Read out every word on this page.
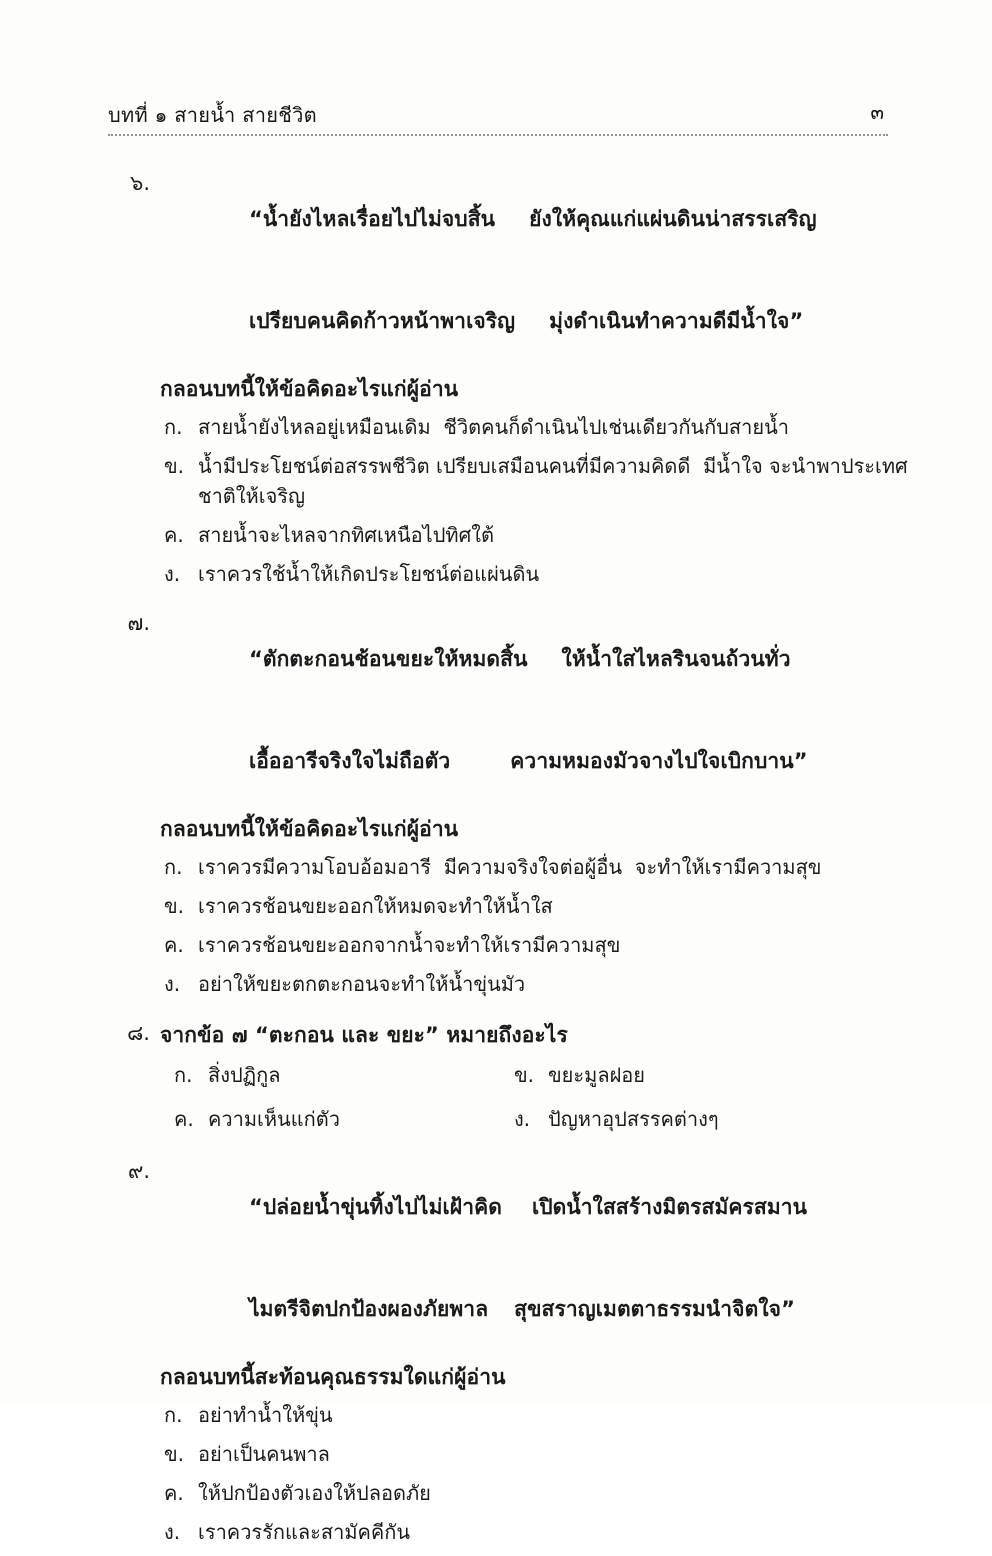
บทที่ ๑ สายน้ำ สายชีวิต	๓
๖.

“น้ำยังไหลเรื่อยไปไม่จบสิ้น ยังให้คุณแก่แผ่นดินน่าสรรเสริญ

เปรียบคนคิดก้าวหน้าพาเจริญ มุ่งดำเนินทำความดีมีน้ำใจ”

กลอนบทนี้ให้ข้อคิดอะไรแก่ผู้อ่าน
ก. สายน้ำยังไหลอยู่เหมือนเดิม  ชีวิตคนก็ดำเนินไปเช่นเดียวกันกับสายน้ำ
ข. น้ำมีประโยชน์ต่อสรรพชีวิต เปรียบเสมือนคนที่มีความคิดดี  มีน้ำใจ จะนำพาประเทศชาติให้เจริญ
ค. สายน้ำจะไหลจากทิศเหนือไปทิศใต้
ง. เราควรใช้น้ำให้เกิดประโยชน์ต่อแผ่นดิน
๗.

“ตักตะกอนช้อนขยะให้หมดสิ้น ให้น้ำใสไหลรินจนถ้วนทั่ว

เอื้ออารีจริงใจไม่ถือตัว	ความหมองมัวจางไปใจเบิกบาน”

กลอนบทนี้ให้ข้อคิดอะไรแก่ผู้อ่าน
ก. เราควรมีความโอบอ้อมอารี  มีความจริงใจต่อผู้อื่น  จะทำให้เรามีความสุข
ข. เราควรช้อนขยะออกให้หมดจะทำให้น้ำใส
ค. เราควรช้อนขยะออกจากน้ำจะทำให้เรามีความสุข
ง. อย่าให้ขยะตกตะกอนจะทำให้น้ำขุ่นมัว
๘. จากข้อ ๗ “ตะกอน และ ขยะ” หมายถึงอะไร
ก. สิ่งปฏิกูล	ข. ขยะมูลฝอย
ค. ความเห็นแก่ตัว	ง. ปัญหาอุปสรรคต่างๆ
๙.

“ปล่อยน้ำขุ่นทิ้งไปไม่เฝ้าคิด เปิดน้ำใสสร้างมิตรสมัครสมาน

ไมตรีจิตปกป้องผองภัยพาล สุขสราญเมตตาธรรมนำจิตใจ”

กลอนบทนี้สะท้อนคุณธรรมใดแก่ผู้อ่าน
ก. อย่าทำน้ำให้ขุ่น
ข. อย่าเป็นคนพาล
ค. ให้ปกป้องตัวเองให้ปลอดภัย
ง. เราควรรักและสามัคคีกัน
